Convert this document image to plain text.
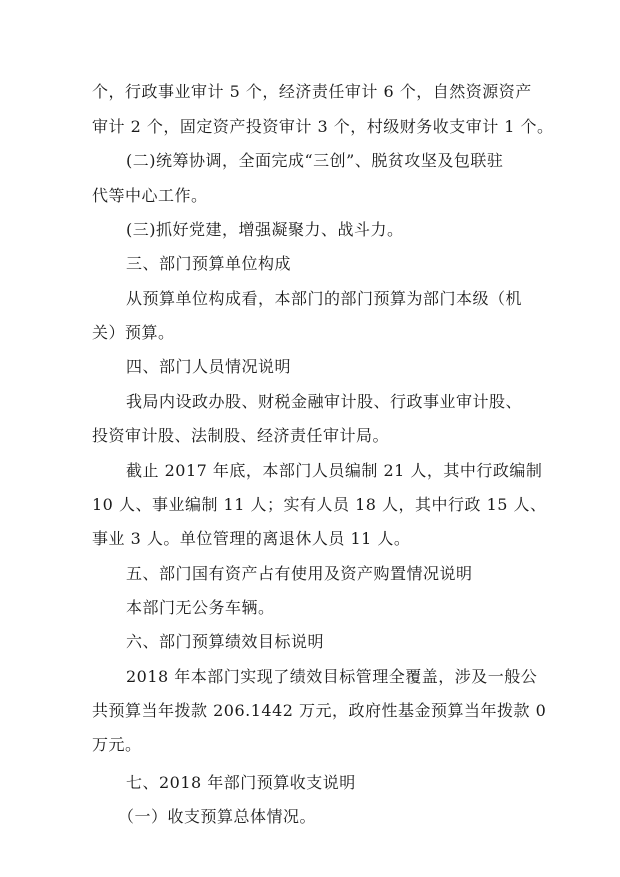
个，行政事业审计 5 个，经济责任审计 6 个，自然资源资产
审计 2 个，固定资产投资审计 3 个，村级财务收支审计 1 个。
(二)统筹协调，全面完成“三创”、脱贫攻坚及包联驻
代等中心工作。
(三)抓好党建，增强凝聚力、战斗力。
三、部门预算单位构成
从预算单位构成看，本部门的部门预算为部门本级（机
关）预算。
四、部门人员情况说明
我局内设政办股、财税金融审计股、行政事业审计股、
投资审计股、法制股、经济责任审计局。
截止 2017 年底，本部门人员编制 21 人，其中行政编制
10 人、事业编制 11 人；实有人员 18 人，其中行政 15 人、
事业 3 人。单位管理的离退休人员 11 人。
五、部门国有资产占有使用及资产购置情况说明
本部门无公务车辆。
六、部门预算绩效目标说明
2018 年本部门实现了绩效目标管理全覆盖，涉及一般公
共预算当年拨款 206.1442 万元，政府性基金预算当年拨款 0
万元。
七、2018 年部门预算收支说明
（一）收支预算总体情况。
